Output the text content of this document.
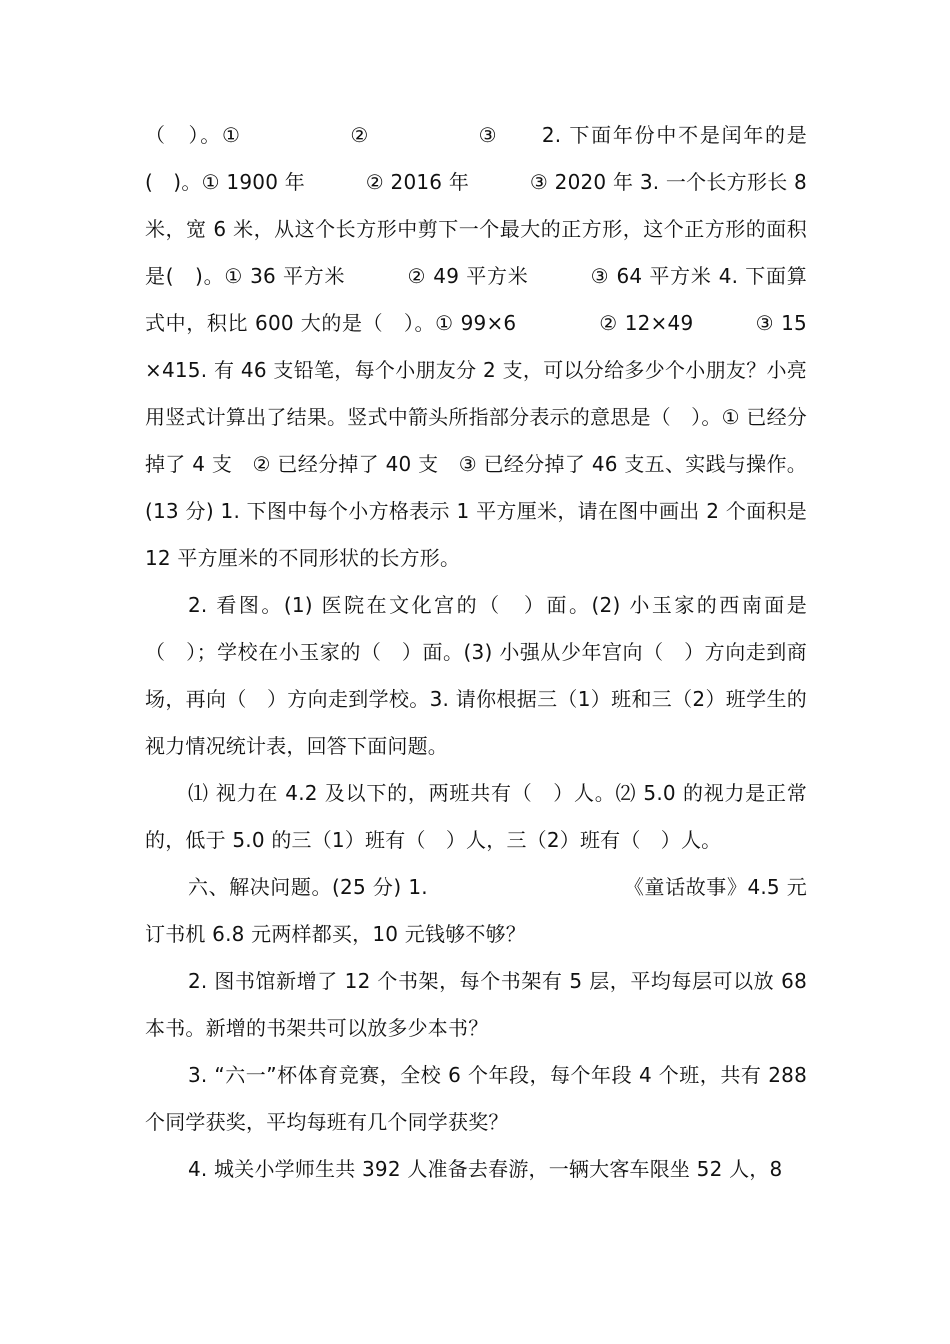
（　）。①　　　　　②　　　　　③　　2. 下面年份中不是闰年的是(　)。① 1900 年　　　② 2016 年　　　③ 2020 年 3. 一个长方形长 8 米，宽 6 米，从这个长方形中剪下一个最大的正方形，这个正方形的面积是(　)。① 36 平方米　　　② 49 平方米　　　③ 64 平方米 4. 下面算式中，积比 600 大的是（　）。① 99×6　　　　② 12×49　　　③ 15×415. 有 46 支铅笔，每个小朋友分 2 支，可以分给多少个小朋友？小亮用竖式计算出了结果。竖式中箭头所指部分表示的意思是（　）。① 已经分掉了 4 支　② 已经分掉了 40 支　③ 已经分掉了 46 支五、实践与操作。(13 分) 1. 下图中每个小方格表示 1 平方厘米，请在图中画出 2 个面积是 12 平方厘米的不同形状的长方形。

2. 看图。(1) 医院在文化宫的（　）面。(2) 小玉家的西南面是（　）；学校在小玉家的（　）面。(3) 小强从少年宫向（　）方向走到商场，再向（　）方向走到学校。3. 请你根据三（1）班和三（2）班学生的视力情况统计表，回答下面问题。

⑴ 视力在 4.2 及以下的，两班共有（　）人。⑵ 5.0 的视力是正常的，低于 5.0 的三（1）班有（　）人，三（2）班有（　）人。

六、解决问题。(25 分) 1.　　　　　　　　　　《童话故事》4.5 元订书机 6.8 元两样都买，10 元钱够不够？

2. 图书馆新增了 12 个书架，每个书架有 5 层，平均每层可以放 68 本书。新增的书架共可以放多少本书？

3. “六一”杯体育竞赛，全校 6 个年段，每个年段 4 个班，共有 288 个同学获奖，平均每班有几个同学获奖？

4. 城关小学师生共 392 人准备去春游，一辆大客车限坐 52 人，8
